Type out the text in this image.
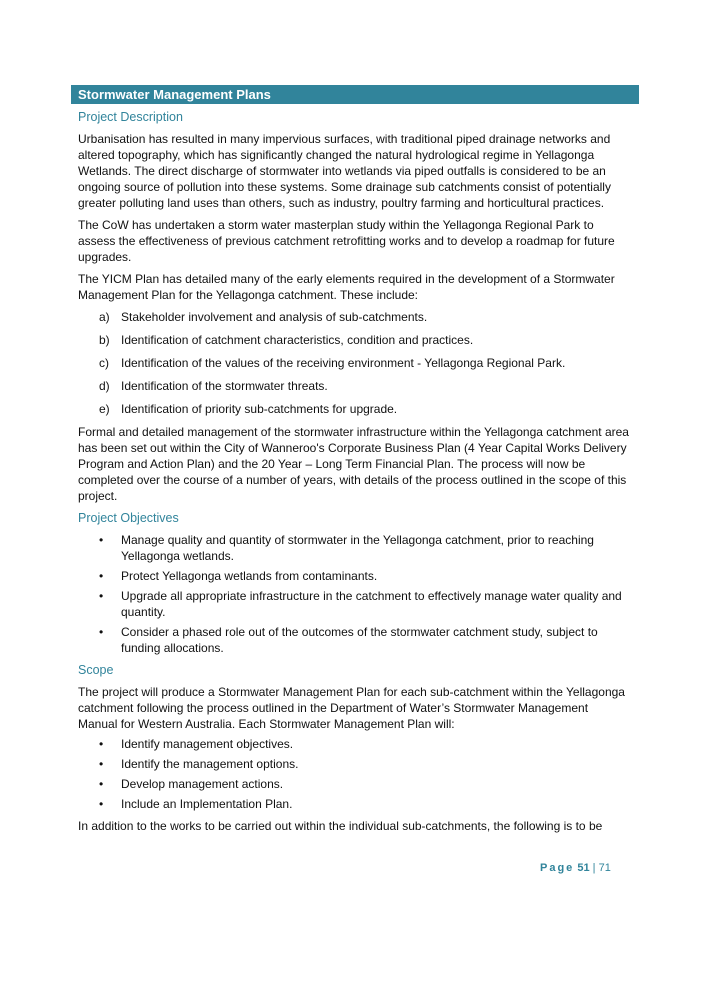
Stormwater Management Plans
Project Description

Urbanisation has resulted in many impervious surfaces, with traditional piped drainage networks and altered topography, which has significantly changed the natural hydrological regime in Yellagonga Wetlands. The direct discharge of stormwater into wetlands via piped outfalls is considered to be an ongoing source of pollution into these systems. Some drainage sub catchments consist of potentially greater polluting land uses than others, such as industry, poultry farming and horticultural practices.

The CoW has undertaken a storm water masterplan study within the Yellagonga Regional Park to assess the effectiveness of previous catchment retrofitting works and to develop a roadmap for future upgrades.

The YICM Plan has detailed many of the early elements required in the development of a Stormwater Management Plan for the Yellagonga catchment. These include:

a) Stakeholder involvement and analysis of sub-catchments.
b) Identification of catchment characteristics, condition and practices.
c) Identification of the values of the receiving environment - Yellagonga Regional Park.
d) Identification of the stormwater threats.
e) Identification of priority sub-catchments for upgrade.

Formal and detailed management of the stormwater infrastructure within the Yellagonga catchment area has been set out within the City of Wanneroo's Corporate Business Plan (4 Year Capital Works Delivery Program and Action Plan) and the 20 Year – Long Term Financial Plan. The process will now be completed over the course of a number of years, with details of the process outlined in the scope of this project.

Project Objectives
• Manage quality and quantity of stormwater in the Yellagonga catchment, prior to reaching Yellagonga wetlands.
• Protect Yellagonga wetlands from contaminants.
• Upgrade all appropriate infrastructure in the catchment to effectively manage water quality and quantity.
• Consider a phased role out of the outcomes of the stormwater catchment study, subject to funding allocations.
Scope

The project will produce a Stormwater Management Plan for each sub-catchment within the Yellagonga catchment following the process outlined in the Department of Water’s Stormwater Management Manual for Western Australia. Each Stormwater Management Plan will:

• Identify management objectives.
• Identify the management options.
• Develop management actions.
• Include an Implementation Plan.

In addition to the works to be carried out within the individual sub-catchments, the following is to be

Page 51 | 71
